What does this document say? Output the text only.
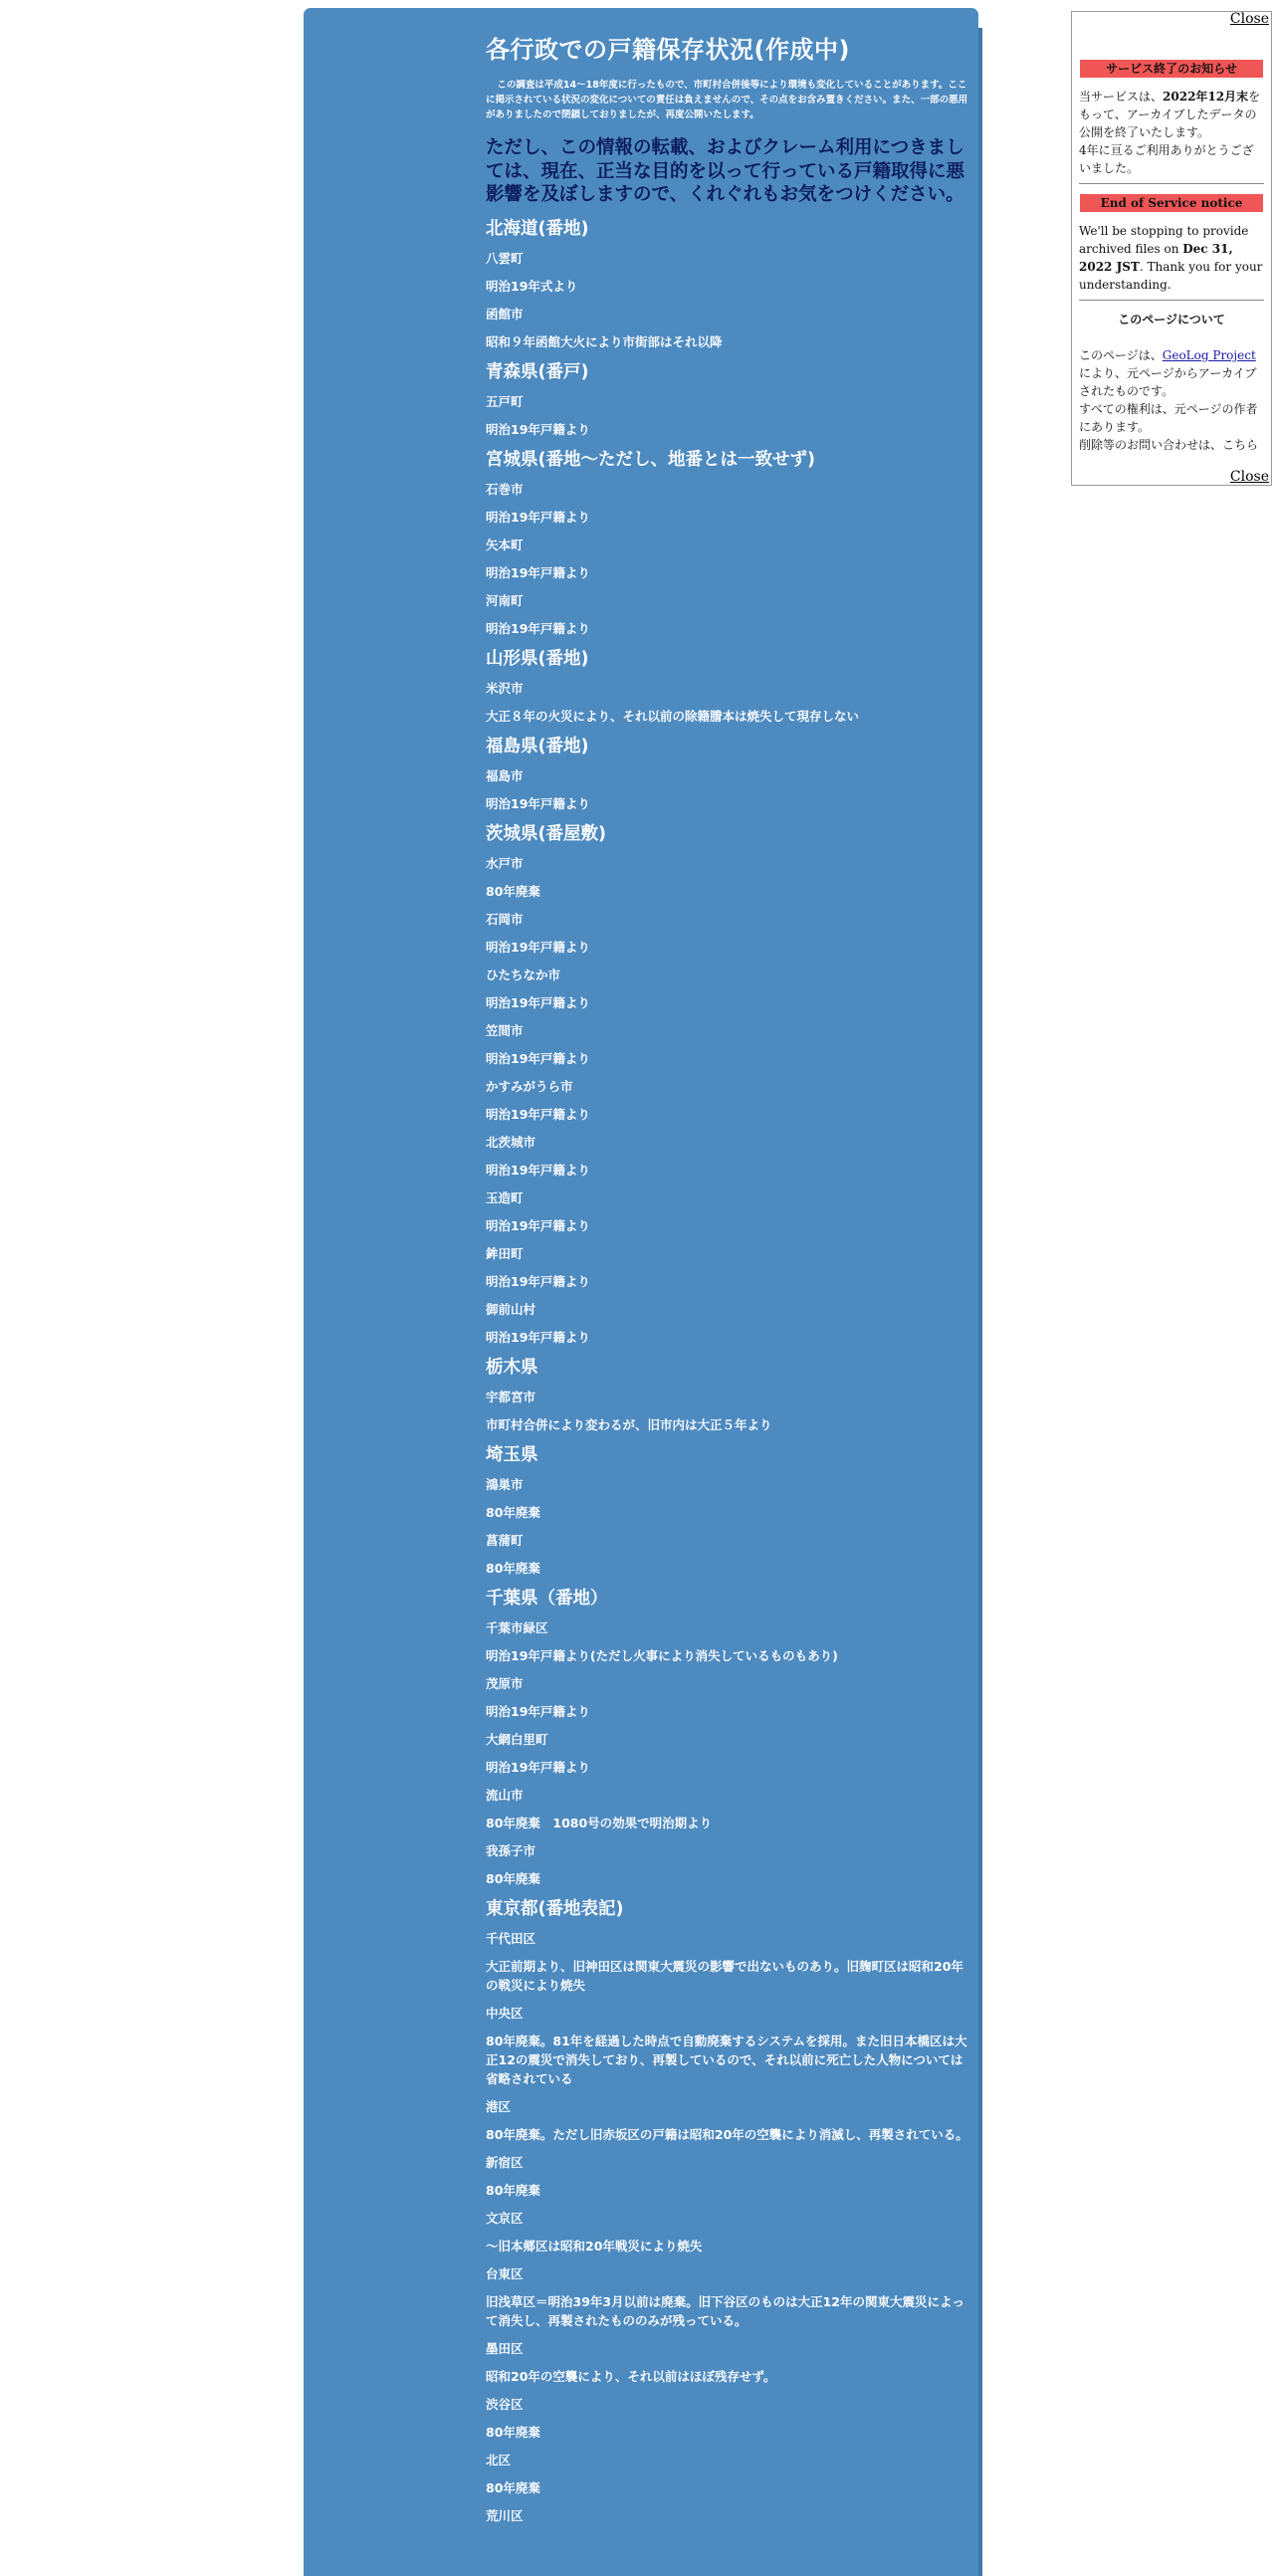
各行政での戸籍保存状況(作成中)

この調査は平成14～18年度に行ったもので、市町村合併後等により環境も変化していることがあります。ここに掲示されている状況の変化についての責任は負えませんので、その点をお含み置きください。また、一部の悪用がありましたので閉鎖しておりましたが、再度公開いたします。

ただし、この情報の転載、およびクレーム利用につきましては、現在、正当な目的を以って行っている戸籍取得に悪影響を及ぼしますので、くれぐれもお気をつけください。

北海道(番地)
八雲町
明治19年式より
函館市
昭和９年函館大火により市街部はそれ以降
青森県(番戸)
五戸町
明治19年戸籍より
宮城県(番地～ただし、地番とは一致せず)
石巻市
明治19年戸籍より
矢本町
明治19年戸籍より
河南町
明治19年戸籍より
山形県(番地)
米沢市
大正８年の火災により、それ以前の除籍謄本は焼失して現存しない
福島県(番地)
福島市
明治19年戸籍より
茨城県(番屋敷)
水戸市
80年廃棄
石岡市
明治19年戸籍より
ひたちなか市
明治19年戸籍より
笠間市
明治19年戸籍より
かすみがうら市
明治19年戸籍より
北茨城市
明治19年戸籍より
玉造町
明治19年戸籍より
鉾田町
明治19年戸籍より
御前山村
明治19年戸籍より
栃木県
宇都宮市
市町村合併により変わるが、旧市内は大正５年より
埼玉県
鴻巣市
80年廃棄
菖蒲町
80年廃棄
千葉県（番地）
千葉市緑区
明治19年戸籍より(ただし火事により消失しているものもあり)
茂原市
明治19年戸籍より
大網白里町
明治19年戸籍より
流山市
80年廃棄　1080号の効果で明治期より
我孫子市
80年廃棄
東京都(番地表記)
千代田区
大正前期より、旧神田区は関東大震災の影響で出ないものあり。旧麹町区は昭和20年の戦災により焼失
中央区
80年廃棄。81年を経過した時点で自動廃棄するシステムを採用。また旧日本橋区は大正12の震災で消失しており、再製しているので、それ以前に死亡した人物については省略されている
港区
80年廃棄。ただし旧赤坂区の戸籍は昭和20年の空襲により消滅し、再製されている。
新宿区
80年廃棄
文京区
～旧本郷区は昭和20年戦災により焼失
台東区
旧浅草区＝明治39年3月以前は廃棄。旧下谷区のものは大正12年の関東大震災によって消失し、再製されたもののみが残っている。
墨田区
昭和20年の空襲により、それ以前はほぼ残存せず。
渋谷区
80年廃棄
北区
80年廃棄
荒川区
Close
サービス終了のお知らせ

当サービスは、2022年12月末をもって、アーカイブしたデータの公開を終了いたします。
4年に亘るご利用ありがとうございました。

End of Service notice

We'll be stopping to provide archived files on Dec 31, 2022 JST. Thank you for your understanding.

このページについて

このページは、GeoLog Projectにより、元ページからアーカイブされたものです。
すべての権利は、元ページの作者にあります。
削除等のお問い合わせは、こちら

Close
